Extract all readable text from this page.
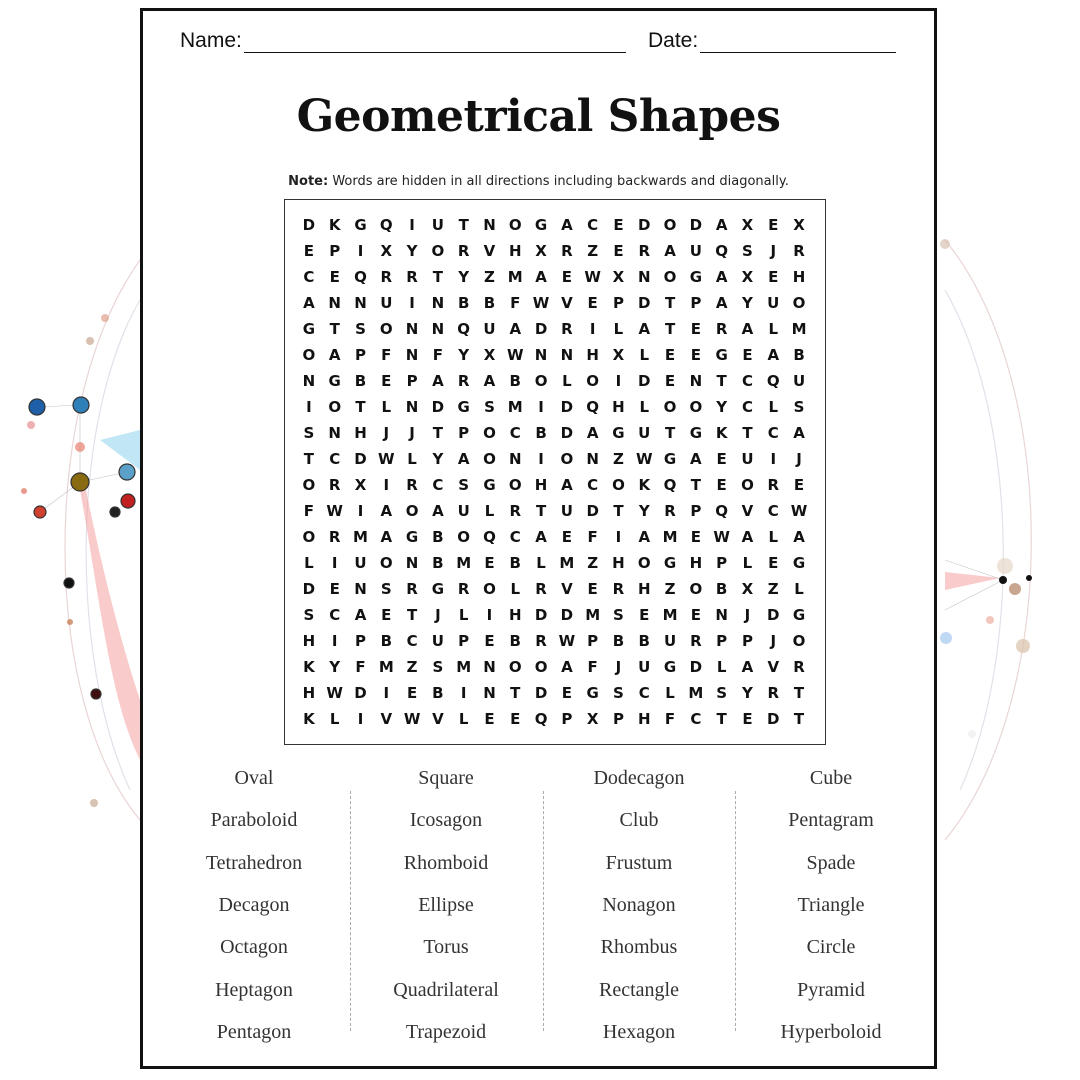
Name:	Date:
Geometrical Shapes
Note: Words are hidden in all directions including backwards and diagonally.
D K G Q	I	U T N O G A C	E D O D A X E X
E	P	I	X Y O R V H X R Z	E R A U Q S	J	R
C	E Q R R T	Y Z M A E W X N O G A X E H
A N N U	I	N B B F W V E	P D T	P A Y U O
G T	S O N N Q U A D R	I	L	A T	E R A	L M
O A P	F N F	Y X W N N H X	L	E	E G E A B
N G B E	P A R A B O L O	I	D E N T	C Q U
I	O T	L N D G S M	I	D Q H L O O Y C	L	S
S N H	J	J	T	P O C B D A G U T G K T	C A
T	C D W L	Y A O N	I	O N Z W G A E U	I	J
O R X	I	R C S G O H A C O K Q T	E O R E
F W I	A O A U L	R T U D T	Y R P Q V C W
O R M A G B O Q C A E	F	I	A M E W A	L	A
L	I	U O N B M E B	L M Z H O G H P	L	E G
D E N S R G R O L	R V E R H Z O B X Z	L
S C A E	T	J	L	I	H D D M S	E M E N	J	D G
H	I	P B C U P	E B R W P B B U R P P	J	O
K Y	F M Z S M N O O A F	J	U G D L	A V R
H W D	I	E B	I	N T D E G S C	L M S Y R T
K	L	I	V W V	L	E	E Q P X P H F	C	T	E D T
Oval
Paraboloid
Tetrahedron
Decagon
Octagon
Heptagon
Pentagon
Square
Icosagon
Rhomboid
Ellipse
Torus
Quadrilateral
Trapezoid
Dodecagon
Club
Frustum
Nonagon
Rhombus
Rectangle
Hexagon
Cube
Pentagram
Spade
Triangle
Circle
Pyramid
Hyperboloid
